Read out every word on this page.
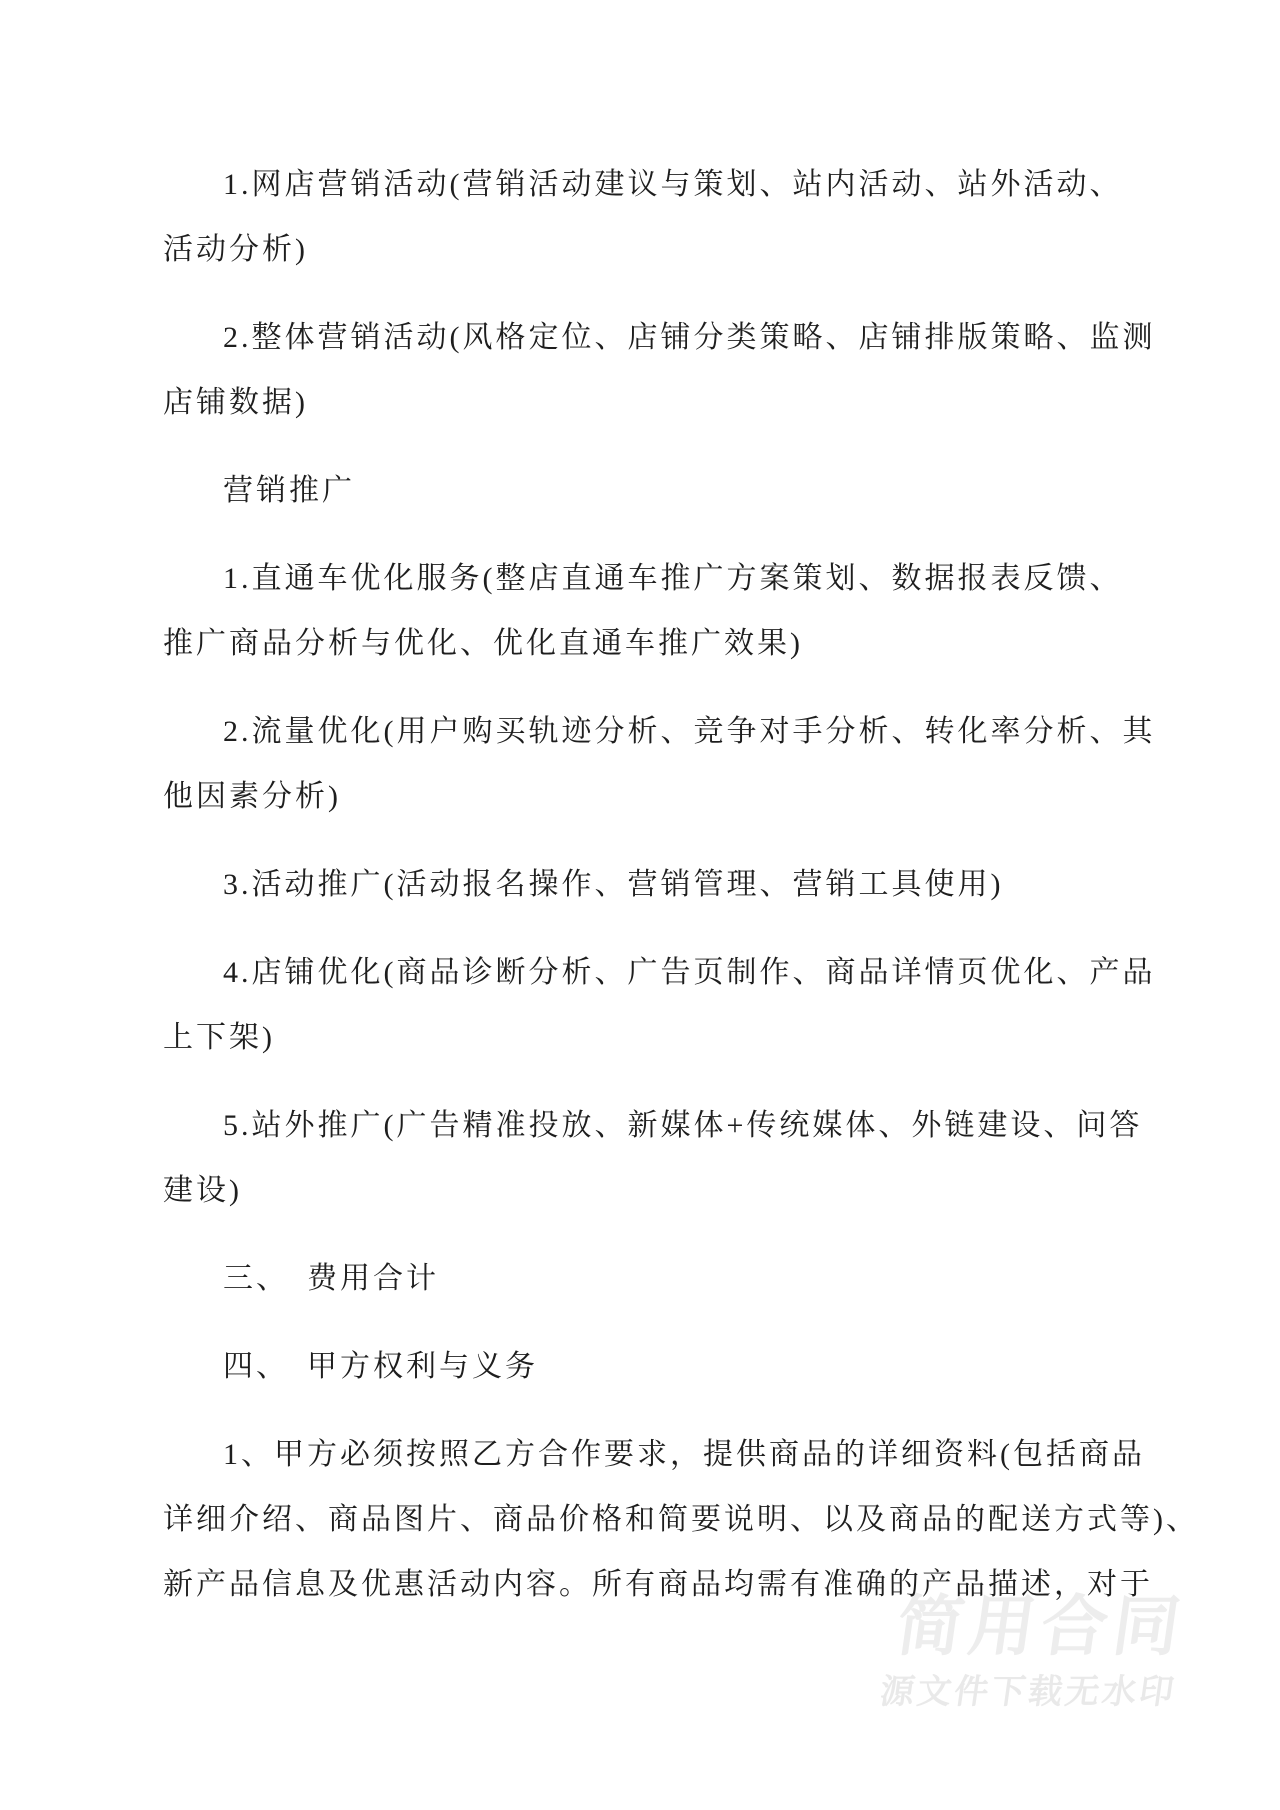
简用合同
源文件下载无水印
1.网店营销活动(营销活动建议与策划、站内活动、站外活动、
活动分析)
2.整体营销活动(风格定位、店铺分类策略、店铺排版策略、监测
店铺数据)
营销推广
1.直通车优化服务(整店直通车推广方案策划、数据报表反馈、
推广商品分析与优化、优化直通车推广效果)
2.流量优化(用户购买轨迹分析、竞争对手分析、转化率分析、其
他因素分析)
3.活动推广(活动报名操作、营销管理、营销工具使用)
4.店铺优化(商品诊断分析、广告页制作、商品详情页优化、产品
上下架)
5.站外推广(广告精准投放、新媒体+传统媒体、外链建设、问答
建设)
三、　费用合计
四、　甲方权利与义务
1、甲方必须按照乙方合作要求，提供商品的详细资料(包括商品
详细介绍、商品图片、商品价格和简要说明、以及商品的配送方式等)、
新产品信息及优惠活动内容。所有商品均需有准确的产品描述，对于
